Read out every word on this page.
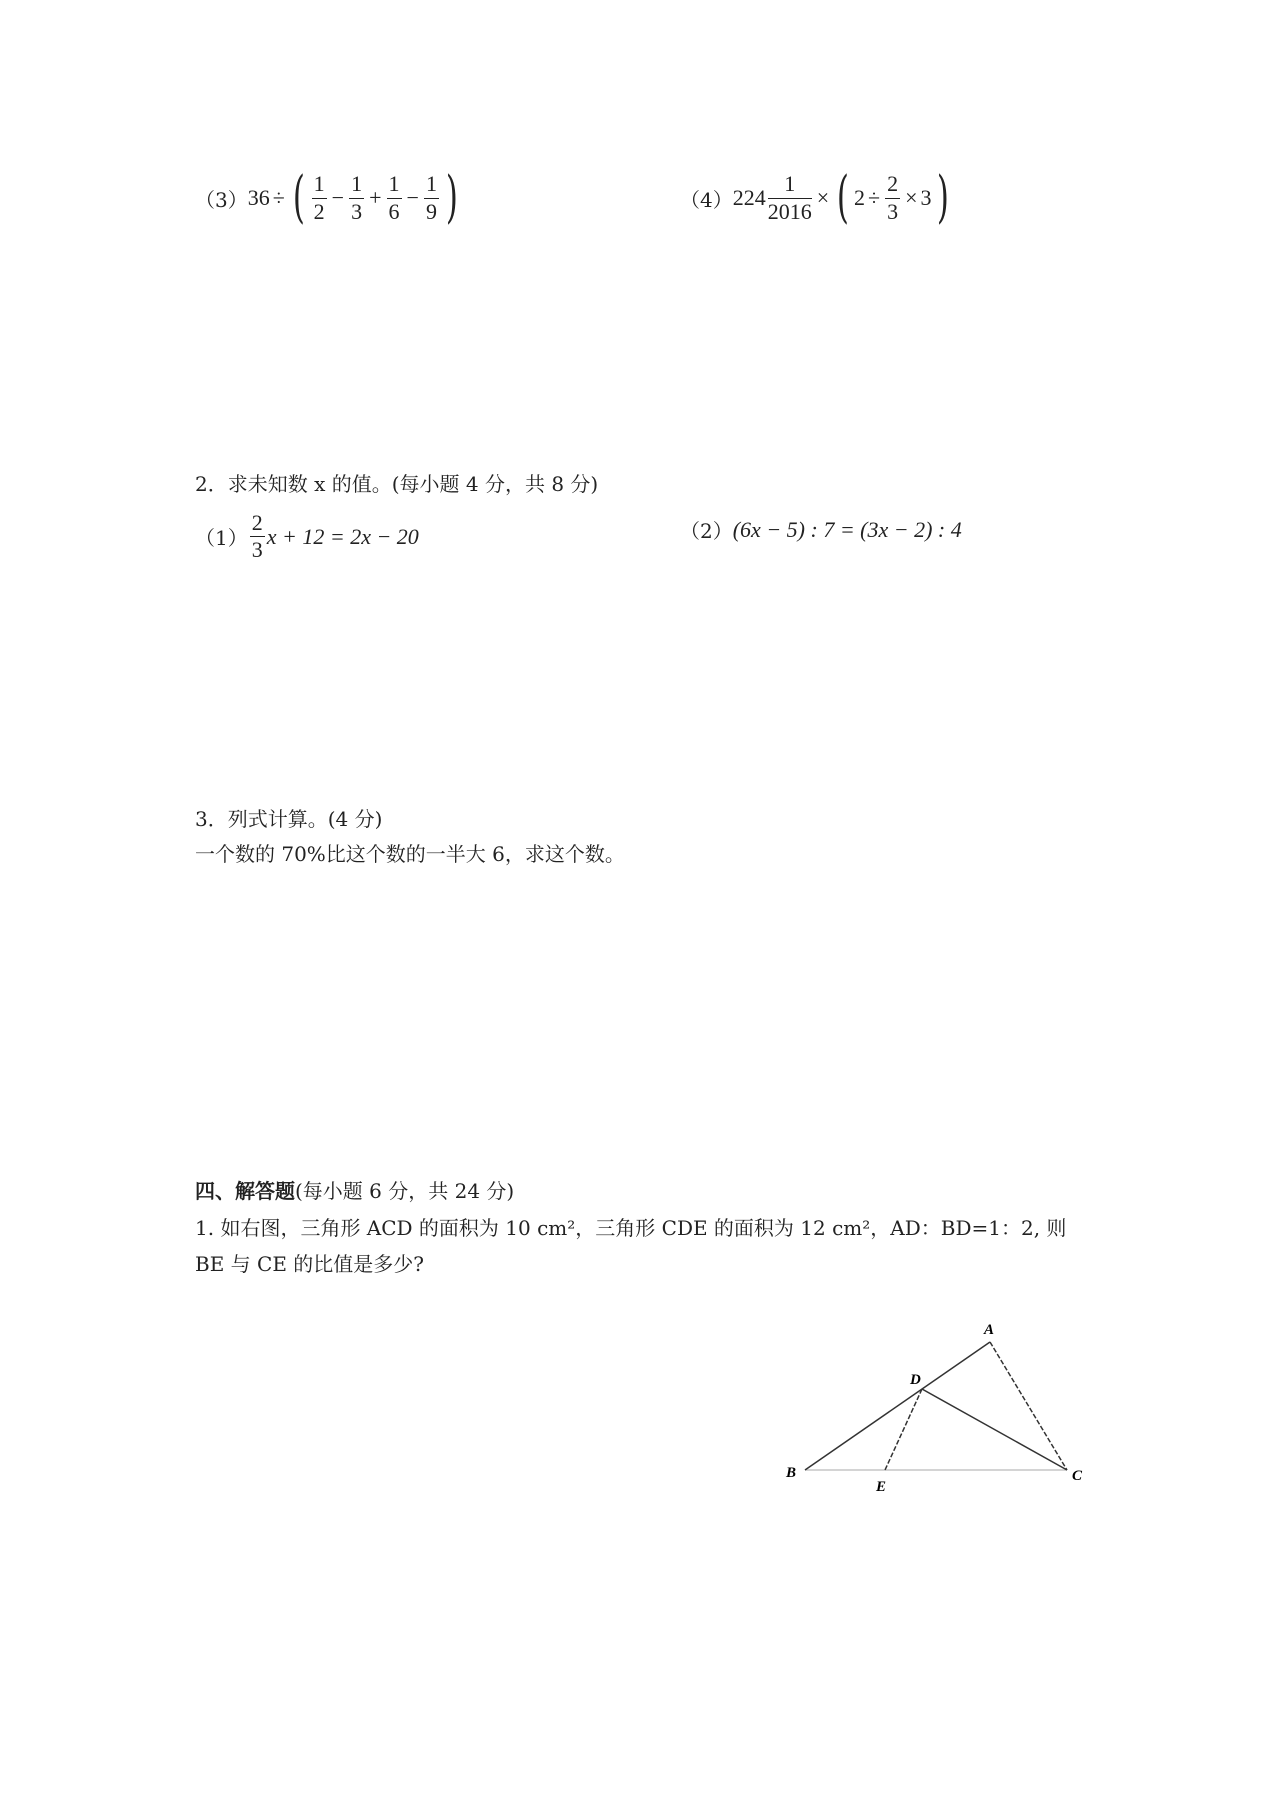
（3） 36 ÷ ( $\frac{1}{2} - \frac{1}{3} + \frac{1}{6} - \frac{1}{9}$ )	（4） $224 \frac{1}{2016}$ × ( $2 \div \frac{2}{3} \times 3$ )
2．求未知数 x 的值。(每小题 4 分，共 8 分)
$(1) \frac{2}{3}$ x + 12 = 2x − 20	（2） (6x − 5) : 7 = (3x − 2) : 4
3．列式计算。(4 分)
一个数的 70%比这个数的一半大 6，求这个数。
四、解答题(每小题 6 分，共 24 分)
1. 如右图，三角形 ACD 的面积为 10 cm²，三角形 CDE 的面积为 12 cm²，AD：BD=1：2, 则
BE 与 CE 的比值是多少?
A
D
B
E
C
